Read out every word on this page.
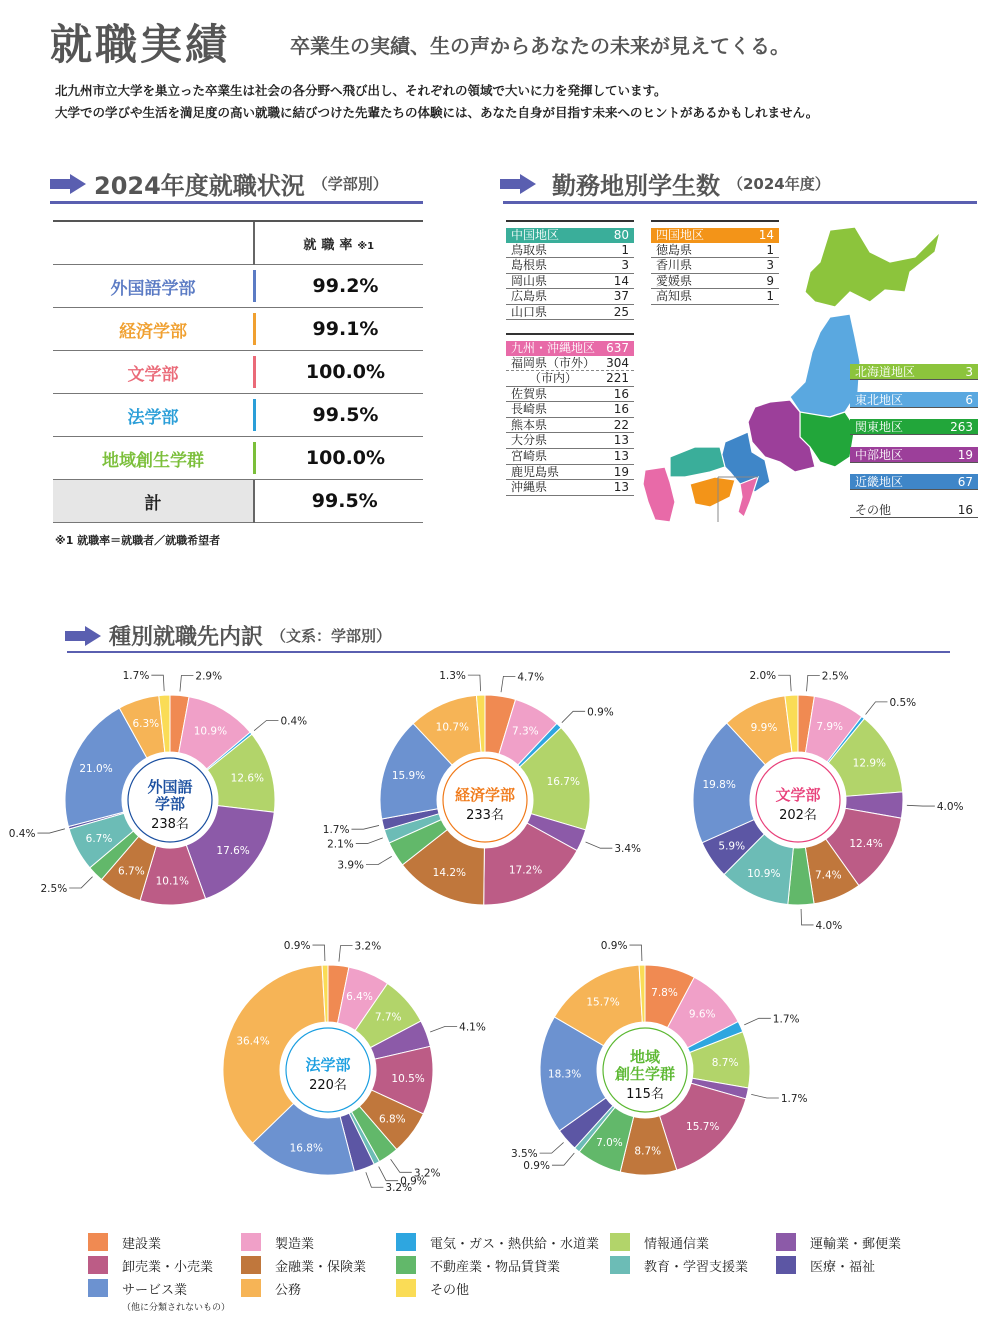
就職実績	卒業生の実績、生の声からあなたの未来が見えてくる。
北九州市立大学を巣立った卒業生は社会の各分野へ飛び出し、それぞれの領域で大いに力を発揮しています。
大学での学びや生活を満足度の高い就職に結びつけた先輩たちの体験には、あなた自身が目指す未来へのヒントがあるかもしれません。
2024年度就職状況 （学部別）
就職率※1
外国語学部	99.2%
経済学部	99.1%
文学部	100.0%
法学部	99.5%
地域創生学群	100.0%
計	99.5%
※1 就職率＝就職者／就職希望者
勤務地別学生数 （2024年度）
中国地区	80
鳥取県	1
島根県	3
岡山県	14
広島県	37
山口県	25
四国地区	14
徳島県	1
香川県	3
愛媛県	9
高知県	1
九州・沖縄地区 637
福岡県（市外） 304
　　（市内） 221
佐賀県	16
長崎県	16
熊本県	22
大分県	13
宮崎県	13
鹿児島県	19
沖縄県	13
北海道地区	3
東北地区	6
関東地区	263
中部地区	19
近畿地区	67
その他	16
種別就職先内訳 （文系：学部別）
2.9%
10.9%
0.4%
12.6%
17.6%
10.1%
6.7%
2.5%
6.7%
0.4%
21.0%
6.3%
1.7%
外国語
学部
238名
4.7%
7.3%
0.9%
16.7%
3.4%
17.2%
14.2%
3.9%
2.1%
1.7%
15.9%
10.7%
1.3%
経済学部
233名
2.5%
7.9%
0.5%
12.9%
4.0%
12.4%
7.4%
4.0%
10.9%
5.9%
19.8%
9.9%
2.0%
文学部
202名
3.2%
6.4%
7.7%
4.1%
10.5%
6.8%
3.2%
0.9%
3.2%
16.8%
36.4%
0.9%
法学部
220名
7.8%
9.6%	1.7%
8.7%
1.7%
15.7%
8.7%
7.0%
0.9%
3.5%
18.3%
15.7%
0.9%
地域
創生学群
115名
建設業	製造業	電気・ガス・熱供給・水道業	情報通信業	運輸業・郵便業
卸売業・小売業	金融業・保険業	不動産業・物品賃貸業	教育・学習支援業	医療・福祉
サービス業
（他に分類されないもの）
公務	その他
